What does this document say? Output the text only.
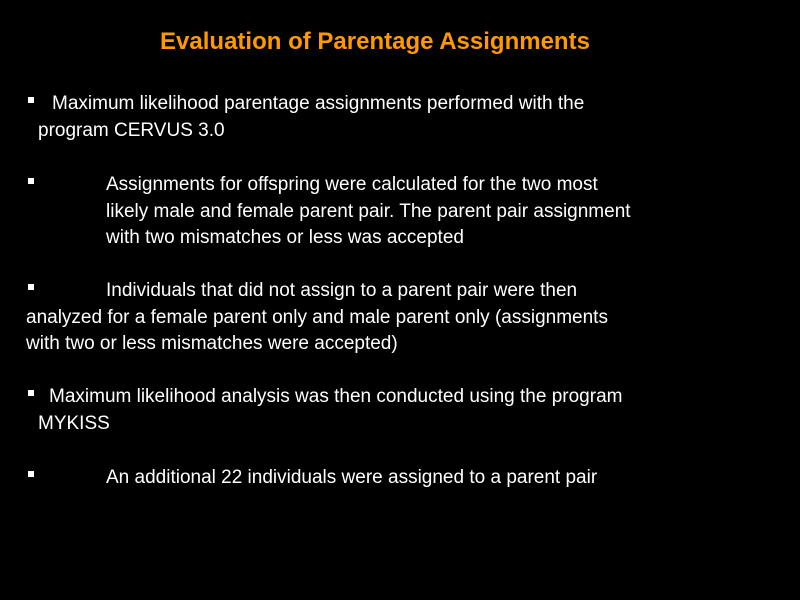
Evaluation of Parentage Assignments
Maximum likelihood parentage assignments performed with the
program CERVUS 3.0
Assignments for offspring were calculated for the two most
likely male and female parent pair. The parent pair assignment
with two mismatches or less was accepted
Individuals that did not assign to a parent pair were then
analyzed for a female parent only and male parent only (assignments
with two or less mismatches were accepted)
Maximum likelihood analysis was then conducted using the program
MYKISS
An additional 22 individuals were assigned to a parent pair
